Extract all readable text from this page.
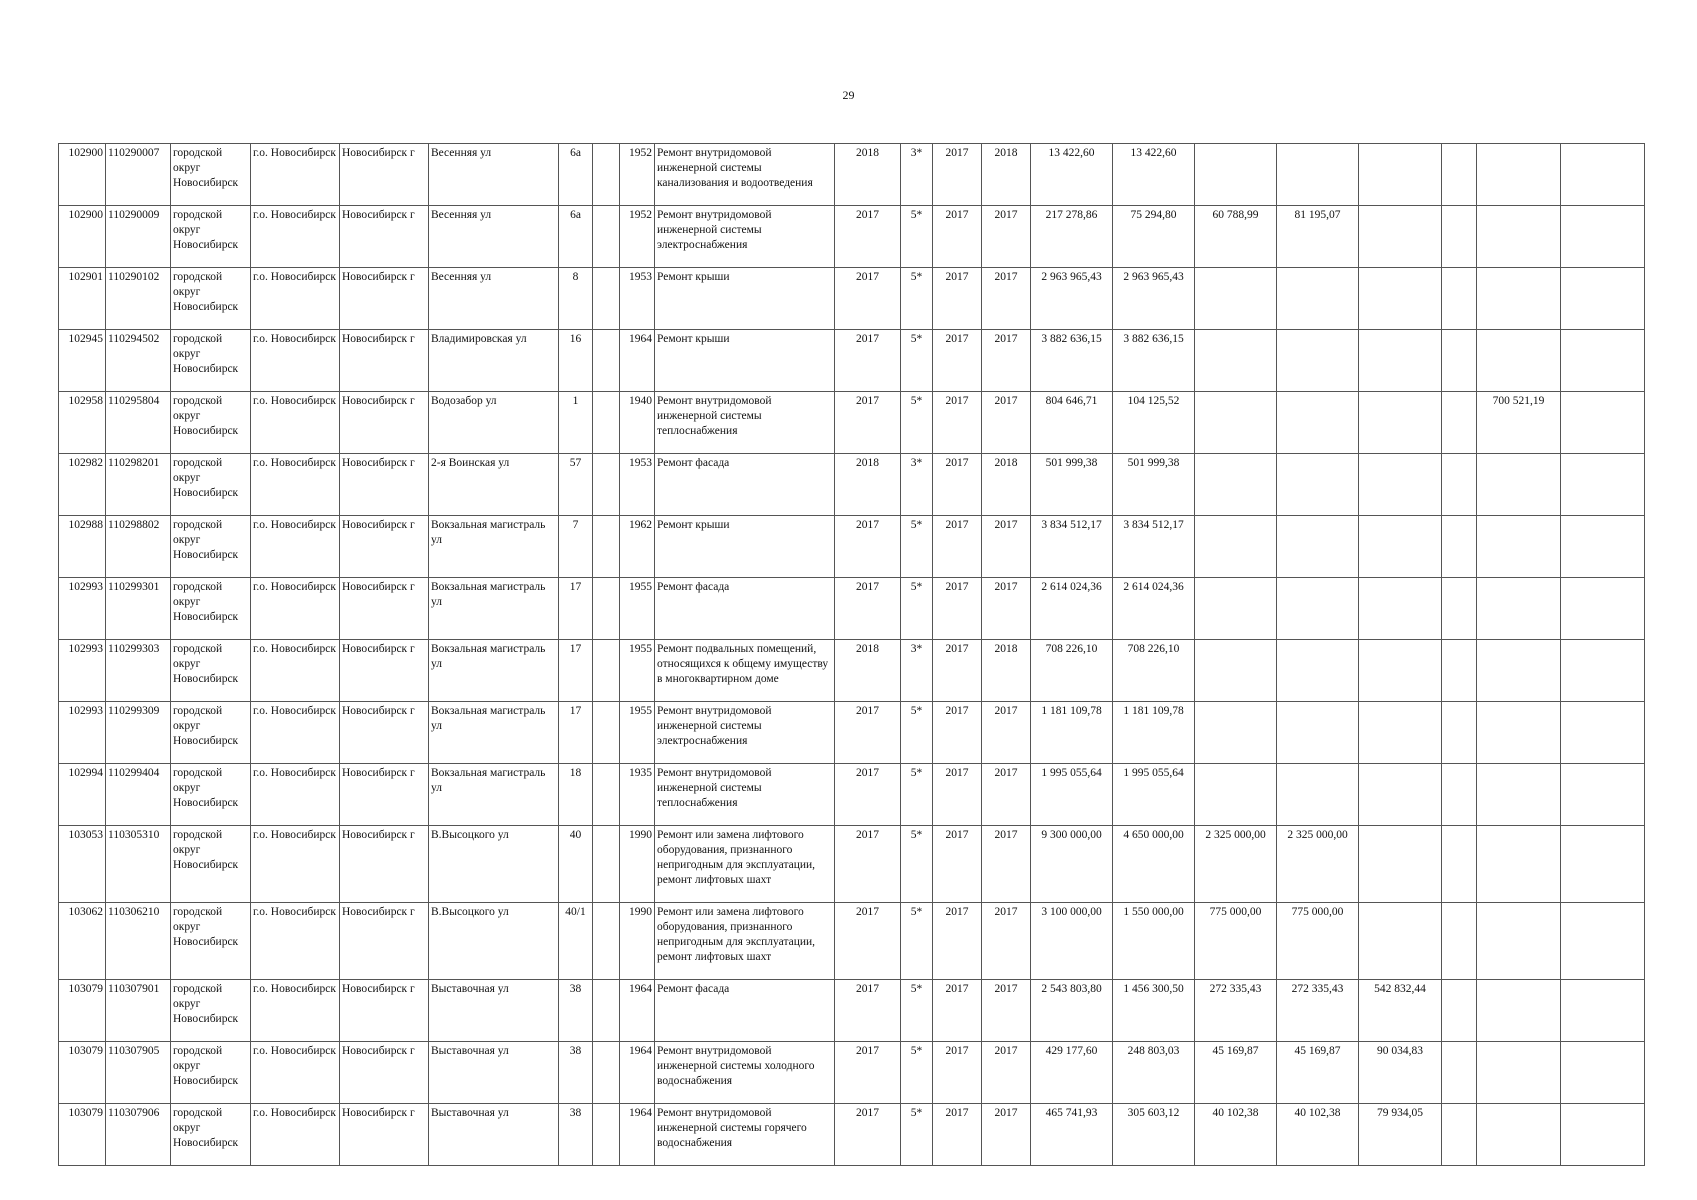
29
102900	110290007	городской округ Новосибирск	г.о. Новосибирск	Новосибирск г	Весенняя ул	6а		1952	Ремонт внутридомовой инженерной системы канализования и водоотведения	2018	3*	2017	2018	13 422,60	13 422,60						
102900	110290009	городской округ Новосибирск	г.о. Новосибирск	Новосибирск г	Весенняя ул	6а		1952	Ремонт внутридомовой инженерной системы электроснабжения	2017	5*	2017	2017	217 278,86	75 294,80	60 788,99	81 195,07				
102901	110290102	городской округ Новосибирск	г.о. Новосибирск	Новосибирск г	Весенняя ул	8		1953	Ремонт крыши	2017	5*	2017	2017	2 963 965,43	2 963 965,43						
102945	110294502	городской округ Новосибирск	г.о. Новосибирск	Новосибирск г	Владимировская ул	16		1964	Ремонт крыши	2017	5*	2017	2017	3 882 636,15	3 882 636,15						
102958	110295804	городской округ Новосибирск	г.о. Новосибирск	Новосибирск г	Водозабор ул	1		1940	Ремонт внутридомовой инженерной системы теплоснабжения	2017	5*	2017	2017	804 646,71	104 125,52					700 521,19	
102982	110298201	городской округ Новосибирск	г.о. Новосибирск	Новосибирск г	2-я Воинская ул	57		1953	Ремонт фасада	2018	3*	2017	2018	501 999,38	501 999,38						
102988	110298802	городской округ Новосибирск	г.о. Новосибирск	Новосибирск г	Вокзальная магистраль ул	7		1962	Ремонт крыши	2017	5*	2017	2017	3 834 512,17	3 834 512,17						
102993	110299301	городской округ Новосибирск	г.о. Новосибирск	Новосибирск г	Вокзальная магистраль ул	17		1955	Ремонт фасада	2017	5*	2017	2017	2 614 024,36	2 614 024,36						
102993	110299303	городской округ Новосибирск	г.о. Новосибирск	Новосибирск г	Вокзальная магистраль ул	17		1955	Ремонт подвальных помещений, относящихся к общему имуществу в многоквартирном доме	2018	3*	2017	2018	708 226,10	708 226,10						
102993	110299309	городской округ Новосибирск	г.о. Новосибирск	Новосибирск г	Вокзальная магистраль ул	17		1955	Ремонт внутридомовой инженерной системы электроснабжения	2017	5*	2017	2017	1 181 109,78	1 181 109,78						
102994	110299404	городской округ Новосибирск	г.о. Новосибирск	Новосибирск г	Вокзальная магистраль ул	18		1935	Ремонт внутридомовой инженерной системы теплоснабжения	2017	5*	2017	2017	1 995 055,64	1 995 055,64						
103053	110305310	городской округ Новосибирск	г.о. Новосибирск	Новосибирск г	В.Высоцкого ул	40		1990	Ремонт или замена лифтового оборудования, признанного непригодным для эксплуатации, ремонт лифтовых шахт	2017	5*	2017	2017	9 300 000,00	4 650 000,00	2 325 000,00	2 325 000,00				
103062	110306210	городской округ Новосибирск	г.о. Новосибирск	Новосибирск г	В.Высоцкого ул	40/1		1990	Ремонт или замена лифтового оборудования, признанного непригодным для эксплуатации, ремонт лифтовых шахт	2017	5*	2017	2017	3 100 000,00	1 550 000,00	775 000,00	775 000,00				
103079	110307901	городской округ Новосибирск	г.о. Новосибирск	Новосибирск г	Выставочная ул	38		1964	Ремонт фасада	2017	5*	2017	2017	2 543 803,80	1 456 300,50	272 335,43	272 335,43	542 832,44			
103079	110307905	городской округ Новосибирск	г.о. Новосибирск	Новосибирск г	Выставочная ул	38		1964	Ремонт внутридомовой инженерной системы холодного водоснабжения	2017	5*	2017	2017	429 177,60	248 803,03	45 169,87	45 169,87	90 034,83			
103079	110307906	городской округ Новосибирск	г.о. Новосибирск	Новосибирск г	Выставочная ул	38		1964	Ремонт внутридомовой инженерной системы горячего водоснабжения	2017	5*	2017	2017	465 741,93	305 603,12	40 102,38	40 102,38	79 934,05			
